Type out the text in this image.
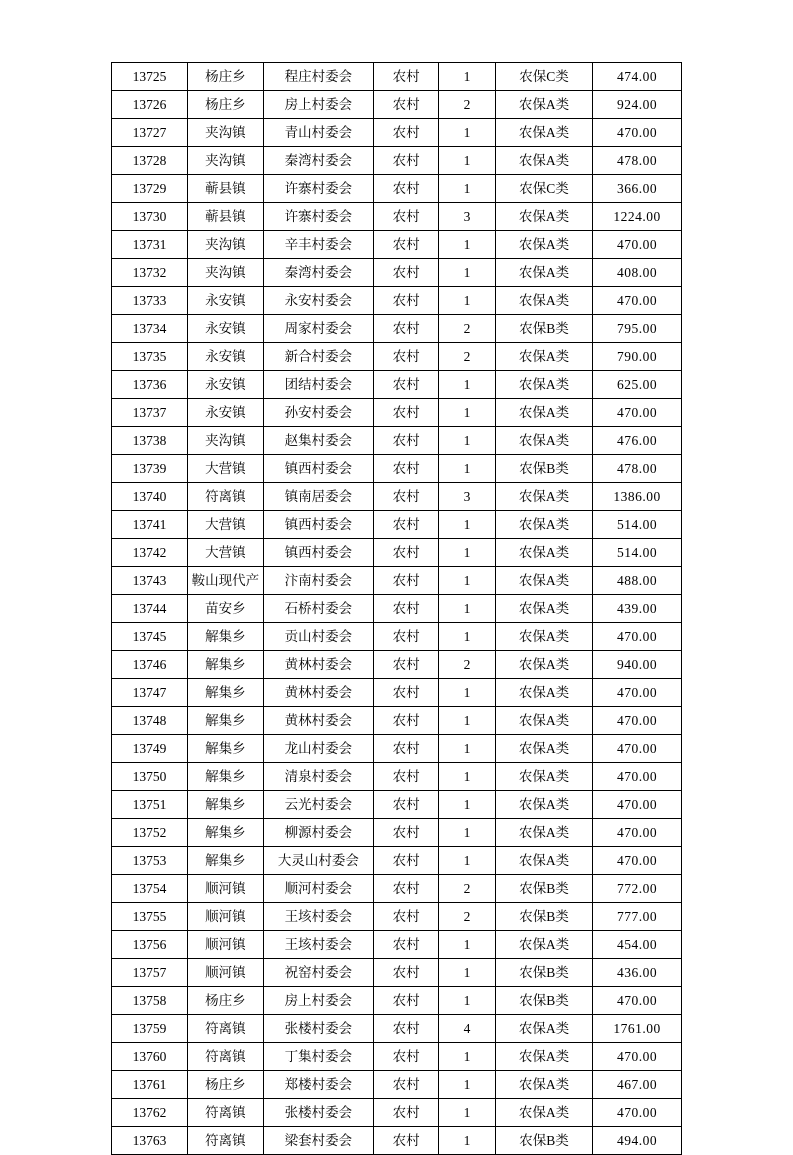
13725	杨庄乡	程庄村委会	农村	1	农保C类	474.00
13726	杨庄乡	房上村委会	农村	2	农保A类	924.00
13727	夹沟镇	青山村委会	农村	1	农保A类	470.00
13728	夹沟镇	秦湾村委会	农村	1	农保A类	478.00
13729	蕲县镇	许寨村委会	农村	1	农保C类	366.00
13730	蕲县镇	许寨村委会	农村	3	农保A类	1224.00
13731	夹沟镇	辛丰村委会	农村	1	农保A类	470.00
13732	夹沟镇	秦湾村委会	农村	1	农保A类	408.00
13733	永安镇	永安村委会	农村	1	农保A类	470.00
13734	永安镇	周家村委会	农村	2	农保B类	795.00
13735	永安镇	新合村委会	农村	2	农保A类	790.00
13736	永安镇	团结村委会	农村	1	农保A类	625.00
13737	永安镇	孙安村委会	农村	1	农保A类	470.00
13738	夹沟镇	赵集村委会	农村	1	农保A类	476.00
13739	大营镇	镇西村委会	农村	1	农保B类	478.00
13740	符离镇	镇南居委会	农村	3	农保A类	1386.00
13741	大营镇	镇西村委会	农村	1	农保A类	514.00
13742	大营镇	镇西村委会	农村	1	农保A类	514.00
13743	鞍山现代产	汴南村委会	农村	1	农保A类	488.00
13744	苗安乡	石桥村委会	农村	1	农保A类	439.00
13745	解集乡	贡山村委会	农村	1	农保A类	470.00
13746	解集乡	黄林村委会	农村	2	农保A类	940.00
13747	解集乡	黄林村委会	农村	1	农保A类	470.00
13748	解集乡	黄林村委会	农村	1	农保A类	470.00
13749	解集乡	龙山村委会	农村	1	农保A类	470.00
13750	解集乡	清泉村委会	农村	1	农保A类	470.00
13751	解集乡	云光村委会	农村	1	农保A类	470.00
13752	解集乡	柳源村委会	农村	1	农保A类	470.00
13753	解集乡	大灵山村委会	农村	1	农保A类	470.00
13754	顺河镇	顺河村委会	农村	2	农保B类	772.00
13755	顺河镇	王垓村委会	农村	2	农保B类	777.00
13756	顺河镇	王垓村委会	农村	1	农保A类	454.00
13757	顺河镇	祝窑村委会	农村	1	农保B类	436.00
13758	杨庄乡	房上村委会	农村	1	农保B类	470.00
13759	符离镇	张楼村委会	农村	4	农保A类	1761.00
13760	符离镇	丁集村委会	农村	1	农保A类	470.00
13761	杨庄乡	郑楼村委会	农村	1	农保A类	467.00
13762	符离镇	张楼村委会	农村	1	农保A类	470.00
13763	符离镇	梁套村委会	农村	1	农保B类	494.00
